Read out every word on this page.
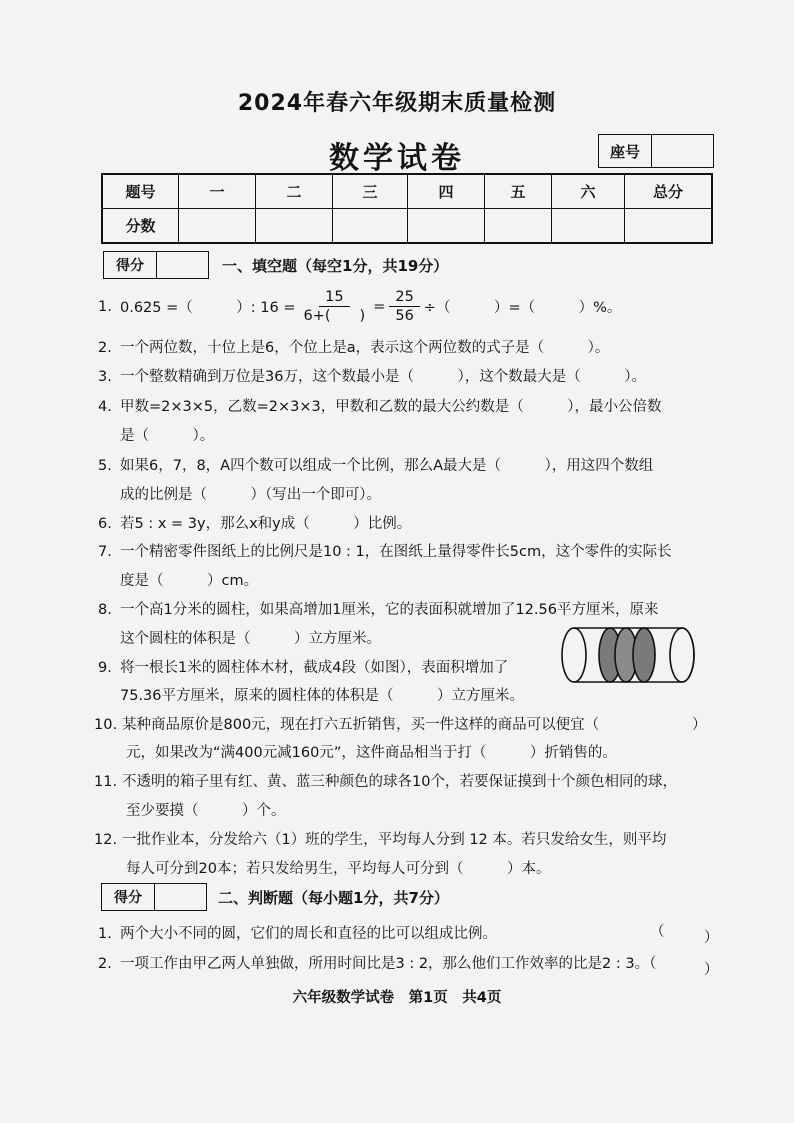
2024年春六年级期末质量检测
数学试卷	座号
题号	一	二	三	四	五	六	总分
分数							
得分	一、填空题（每空1分，共19分）
1. 0.625 =（　　　）: $16 = \frac{15}{6+( )} = \frac{25}{56}$ ÷（　　　）=（　　　）%。
2. 一个两位数，十位上是6，个位上是a，表示这个两位数的式子是（　　　）。
3. 一个整数精确到万位是36万，这个数最小是（　　　），这个数最大是（　　　）。
4. 甲数=2×3×5，乙数=2×3×3，甲数和乙数的最大公约数是（　　　），最小公倍数
是（　　　）。
5. 如果6，7，8，A四个数可以组成一个比例，那么A最大是（　　　），用这四个数组
成的比例是（　　　）（写出一个即可）。
6. 若5 : x = 3y，那么x和y成（　　　）比例。
7. 一个精密零件图纸上的比例尺是10 : 1，在图纸上量得零件长5cm，这个零件的实际长
度是（　　　）cm。
8. 一个高1分米的圆柱，如果高增加1厘米，它的表面积就增加了12.56平方厘米，原来
这个圆柱的体积是（　　　）立方厘米。
9. 将一根长1米的圆柱体木材，截成4段（如图），表面积增加了
75.36平方厘米，原来的圆柱体的体积是（　　　）立方厘米。
10. 某种商品原价是800元，现在打六五折销售，买一件这样的商品可以便宜（	）
元，如果改为“满400元减160元”，这件商品相当于打（　　　）折销售的。
11. 不透明的箱子里有红、黄、蓝三种颜色的球各10个，若要保证摸到十个颜色相同的球，
至少要摸（　　　）个。
12. 一批作业本，分发给六（1）班的学生，平均每人分到 12 本。若只发给女生，则平均
每人可分到20本；若只发给男生，平均每人可分到（　　　）本。
得分	二、判断题（每小题1分，共7分）
1. 两个大小不同的圆，它们的周长和直径的比可以组成比例。	（	）
2. 一项工作由甲乙两人单独做，所用时间比是3 : 2，那么他们工作效率的比是2 : 3。（	）
六年级数学试卷　第1页　共4页
